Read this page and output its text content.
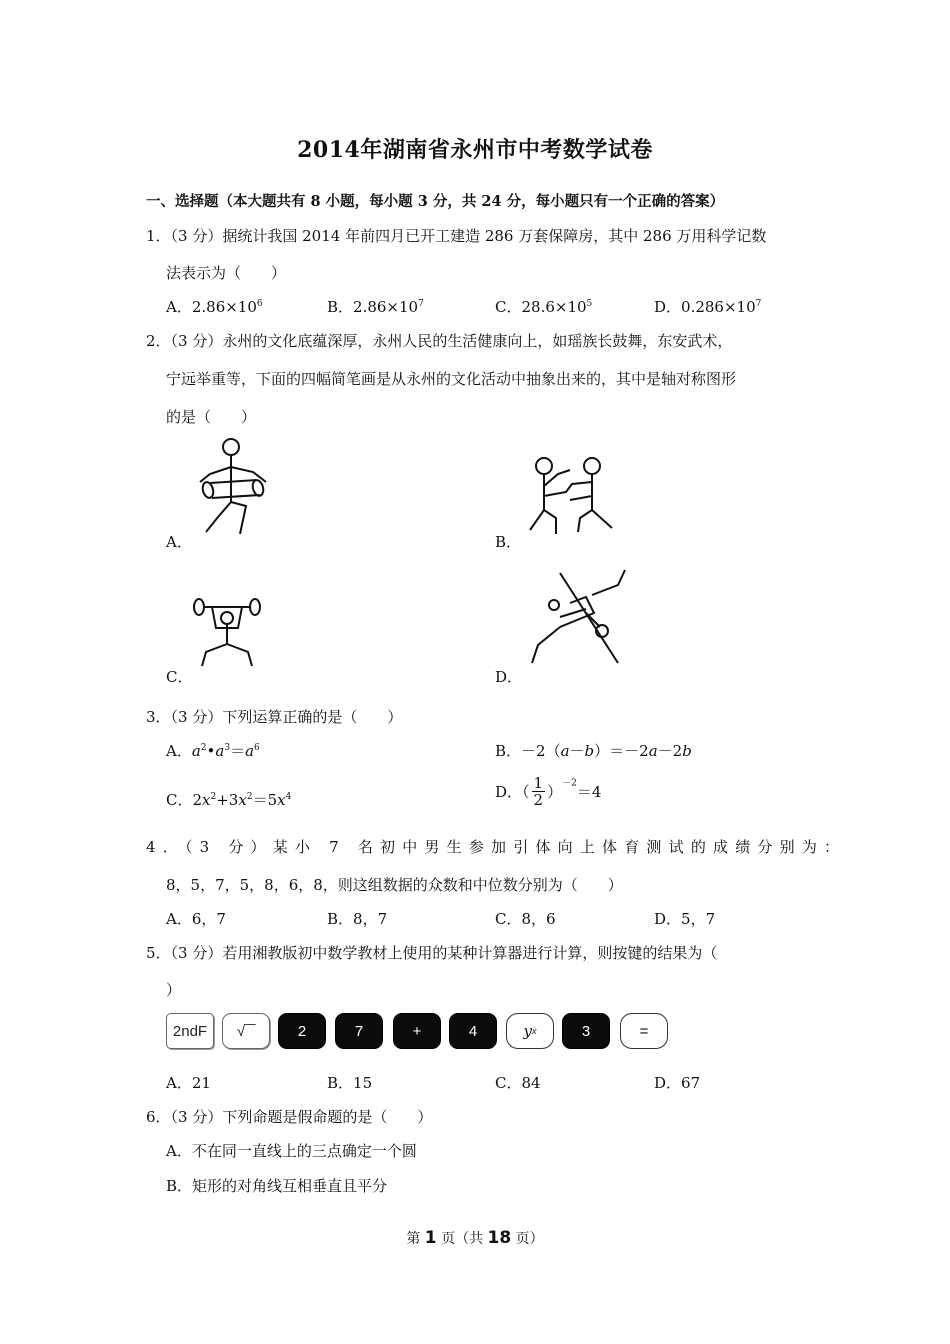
2014年湖南省永州市中考数学试卷
一、选择题（本大题共有 8 小题，每小题 3 分，共 24 分，每小题只有一个正确的答案）
1．（3 分）据统计我国 2014 年前四月已开工建造 286 万套保障房，其中 286 万用科学记数
法表示为（　　）
A．$2.86\times 10^6$	B．$2.86\times 10^7$	C．$28.6\times 10^5$	D．$0.286\times 10^7$
2．（3 分）永州的文化底蕴深厚，永州人民的生活健康向上，如瑶族长鼓舞，东安武术，
宁远举重等，下面的四幅简笔画是从永州的文化活动中抽象出来的，其中是轴对称图形
的是（　　）
A．	B．
C．	D．
3．（3 分）下列运算正确的是（　　）
A．$a^2•a^3=a^6$	B．－2（a－b）＝－2a－2b
C．$2x^2+3x^2=5x^4$	D．（ $\frac{1}{2} )^{-2}=4$
4．（3 分）某小 7 名初中男生参加引体向上体育测试的成绩分别为：
8，5，7，5，8，6，8，则这组数据的众数和中位数分别为（　　）
A．6，7	B．8，7	C．8，6	D．5，7
5．（3 分）若用湘教版初中数学教材上使用的某种计算器进行计算，则按键的结果为（
）
2ndF	√‾‾	2	7	+	4	y x	3	=
A．21	B．15	C．84	D．67
6．（3 分）下列命题是假命题的是（　　）
A．不在同一直线上的三点确定一个圆
B．矩形的对角线互相垂直且平分
第 1 页（共 18 页）
